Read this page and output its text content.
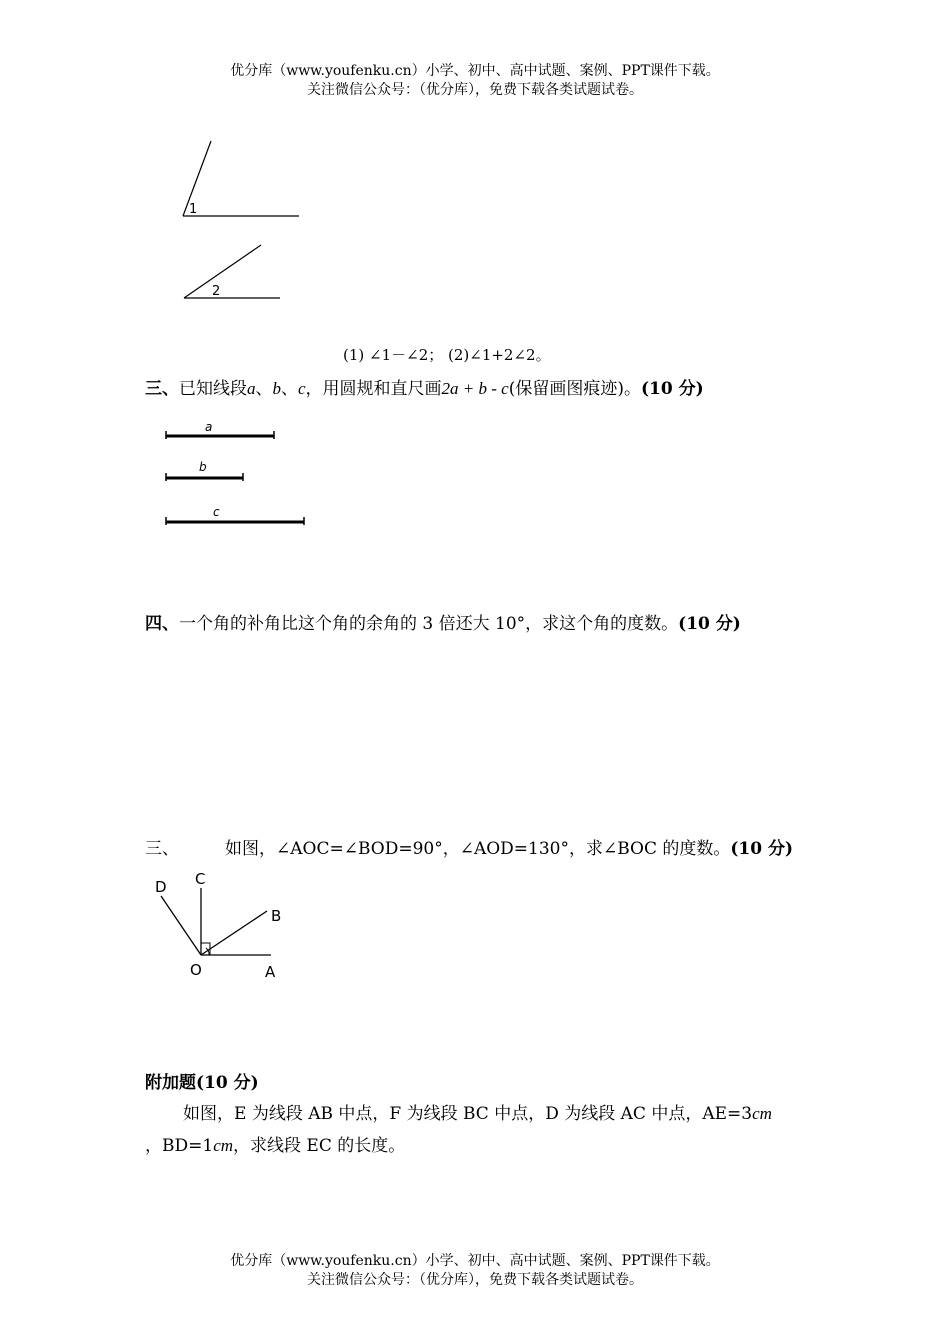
优分库（www.youfenku.cn）小学、初中、高中试题、案例、PPT课件下载。
关注微信公众号：（优分库），免费下载各类试题试卷。
1
2
(1) ∠1－∠2； (2)∠1+2∠2。
三、已知线段a、b、c，用圆规和直尺画2a + b - c(保留画图痕迹)。(10 分)
a
b
c
四、一个角的补角比这个角的余角的 3 倍还大 10°，求这个角的度数。(10 分)
三、	如图，∠AOC=∠BOD=90°，∠AOD=130°，求∠BOC 的度数。(10 分)
D C
B
O	A
附加题(10 分)
如图，E 为线段 AB 中点，F 为线段 BC 中点，D 为线段 AC 中点，AE=3cm
，BD=1cm，求线段 EC 的长度。
优分库（www.youfenku.cn）小学、初中、高中试题、案例、PPT课件下载。
关注微信公众号：（优分库），免费下载各类试题试卷。
